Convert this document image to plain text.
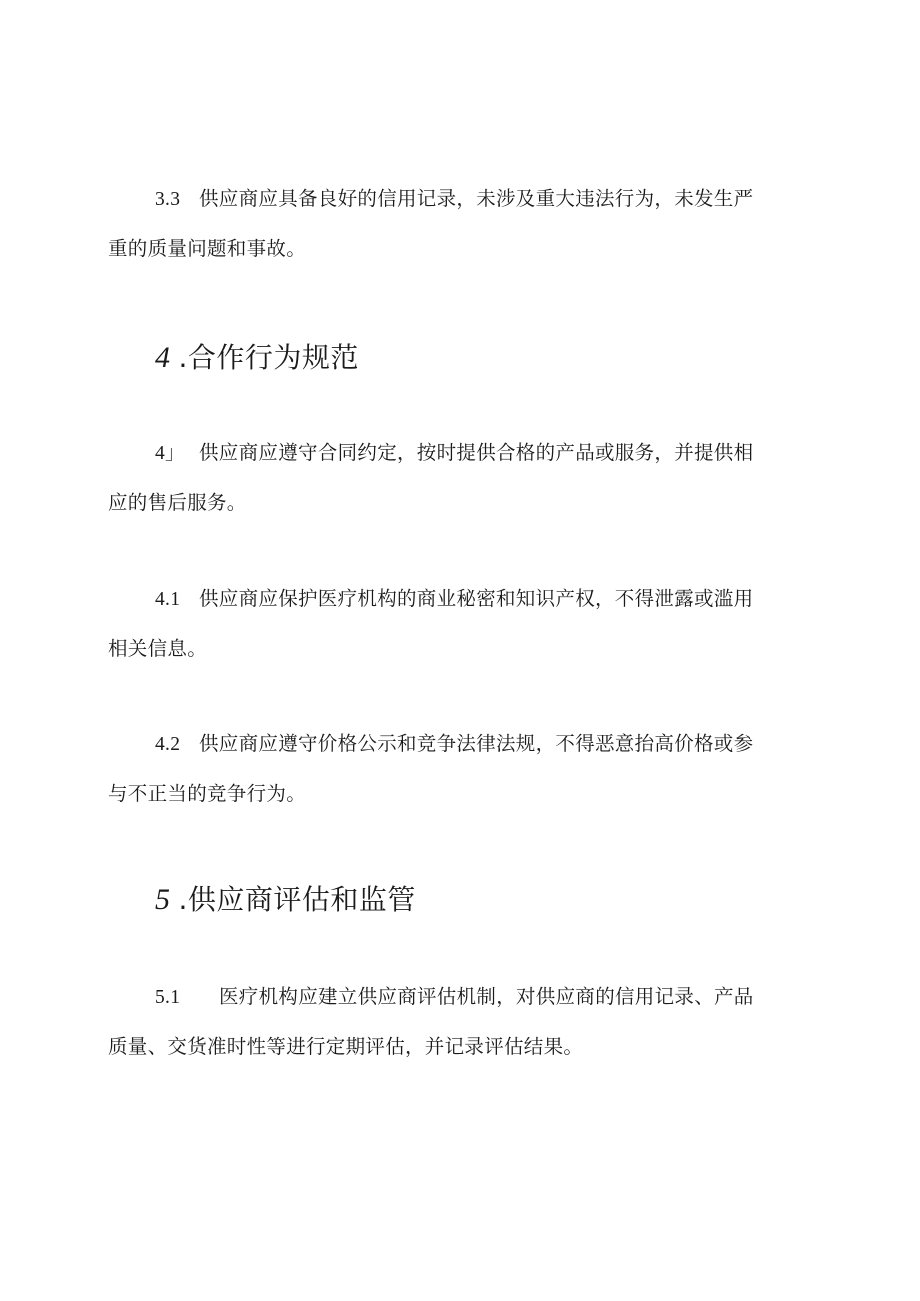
3.3 供应商应具备良好的信用记录，未涉及重大违法行为，未发生严
重的质量问题和事故。

4 .合作行为规范

4」 供应商应遵守合同约定，按时提供合格的产品或服务，并提供相
应的售后服务。

4.1 供应商应保护医疗机构的商业秘密和知识产权，不得泄露或滥用
相关信息。

4.2 供应商应遵守价格公示和竞争法律法规，不得恶意抬高价格或参
与不正当的竞争行为。

5 .供应商评估和监管

5.1 医疗机构应建立供应商评估机制，对供应商的信用记录、产品
质量、交货准时性等进行定期评估，并记录评估结果。
